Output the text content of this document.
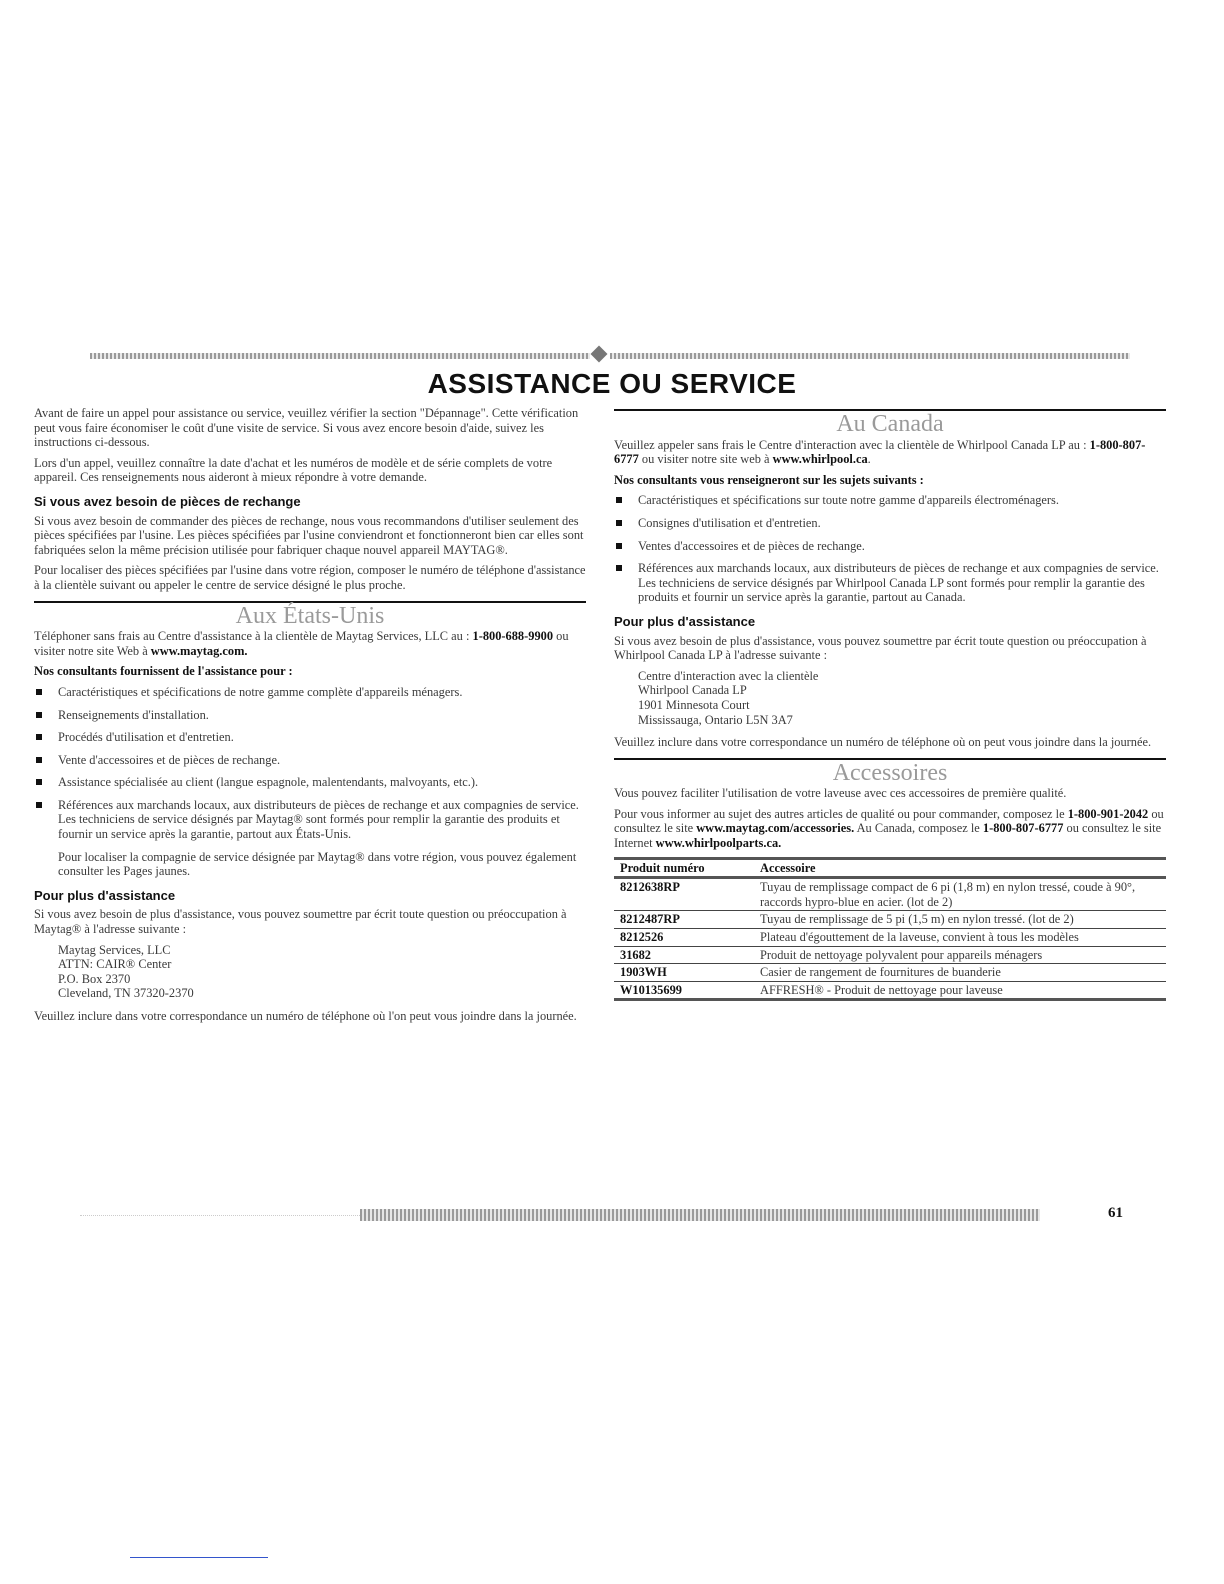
ASSISTANCE OU SERVICE

Avant de faire un appel pour assistance ou service, veuillez vérifier la section "Dépannage". Cette vérification peut vous faire économiser le coût d'une visite de service. Si vous avez encore besoin d'aide, suivez les instructions ci-dessous.

Lors d'un appel, veuillez connaître la date d'achat et les numéros de modèle et de série complets de votre appareil. Ces renseignements nous aideront à mieux répondre à votre demande.

Si vous avez besoin de pièces de rechange

Si vous avez besoin de commander des pièces de rechange, nous vous recommandons d'utiliser seulement des pièces spécifiées par l'usine. Les pièces spécifiées par l'usine conviendront et fonctionneront bien car elles sont fabriquées selon la même précision utilisée pour fabriquer chaque nouvel appareil MAYTAG®.

Pour localiser des pièces spécifiées par l'usine dans votre région, composer le numéro de téléphone d'assistance à la clientèle suivant ou appeler le centre de service désigné le plus proche.

Aux États-Unis

Téléphoner sans frais au Centre d'assistance à la clientèle de Maytag Services, LLC au : 1-800-688-9900 ou visiter notre site Web à www.maytag.com.

Nos consultants fournissent de l'assistance pour :
Caractéristiques et spécifications de notre gamme complète d'appareils ménagers.
Renseignements d'installation.
Procédés d'utilisation et d'entretien.
Vente d'accessoires et de pièces de rechange.
Assistance spécialisée au client (langue espagnole, malentendants, malvoyants, etc.).
Références aux marchands locaux, aux distributeurs de pièces de rechange et aux compagnies de service. Les techniciens de service désignés par Maytag® sont formés pour remplir la garantie des produits et fournir un service après la garantie, partout aux États-Unis.

Pour localiser la compagnie de service désignée par Maytag® dans votre région, vous pouvez également consulter les Pages jaunes.

Pour plus d'assistance

Si vous avez besoin de plus d'assistance, vous pouvez soumettre par écrit toute question ou préoccupation à Maytag® à l'adresse suivante :

Maytag Services, LLC
ATTN: CAIR® Center
P.O. Box 2370
Cleveland, TN 37320-2370

Veuillez inclure dans votre correspondance un numéro de téléphone où l'on peut vous joindre dans la journée.

Au Canada

Veuillez appeler sans frais le Centre d'interaction avec la clientèle de Whirlpool Canada LP au : 1-800-807-6777 ou visiter notre site web à www.whirlpool.ca.

Nos consultants vous renseigneront sur les sujets suivants :
Caractéristiques et spécifications sur toute notre gamme d'appareils électroménagers.
Consignes d'utilisation et d'entretien.
Ventes d'accessoires et de pièces de rechange.
Références aux marchands locaux, aux distributeurs de pièces de rechange et aux compagnies de service. Les techniciens de service désignés par Whirlpool Canada LP sont formés pour remplir la garantie des produits et fournir un service après la garantie, partout au Canada.
Pour plus d'assistance

Si vous avez besoin de plus d'assistance, vous pouvez soumettre par écrit toute question ou préoccupation à Whirlpool Canada LP à l'adresse suivante :

Centre d'interaction avec la clientèle
Whirlpool Canada LP
1901 Minnesota Court
Mississauga, Ontario L5N 3A7

Veuillez inclure dans votre correspondance un numéro de téléphone où on peut vous joindre dans la journée.

Accessoires

Vous pouvez faciliter l'utilisation de votre laveuse avec ces accessoires de première qualité.

Pour vous informer au sujet des autres articles de qualité ou pour commander, composez le 1-800-901-2042 ou consultez le site www.maytag.com/accessories. Au Canada, composez le 1-800-807-6777 ou consultez le site Internet www.whirlpoolparts.ca.

Produit numéro	Accessoire
8212638RP	Tuyau de remplissage compact de 6 pi (1,8 m) en nylon tressé, coude à 90°, raccords hypro-blue en acier. (lot de 2)
8212487RP	Tuyau de remplissage de 5 pi (1,5 m) en nylon tressé. (lot de 2)
8212526	Plateau d'égouttement de la laveuse, convient à tous les modèles
31682	Produit de nettoyage polyvalent pour appareils ménagers
1903WH	Casier de rangement de fournitures de buanderie
W10135699	AFFRESH® - Produit de nettoyage pour laveuse
61
